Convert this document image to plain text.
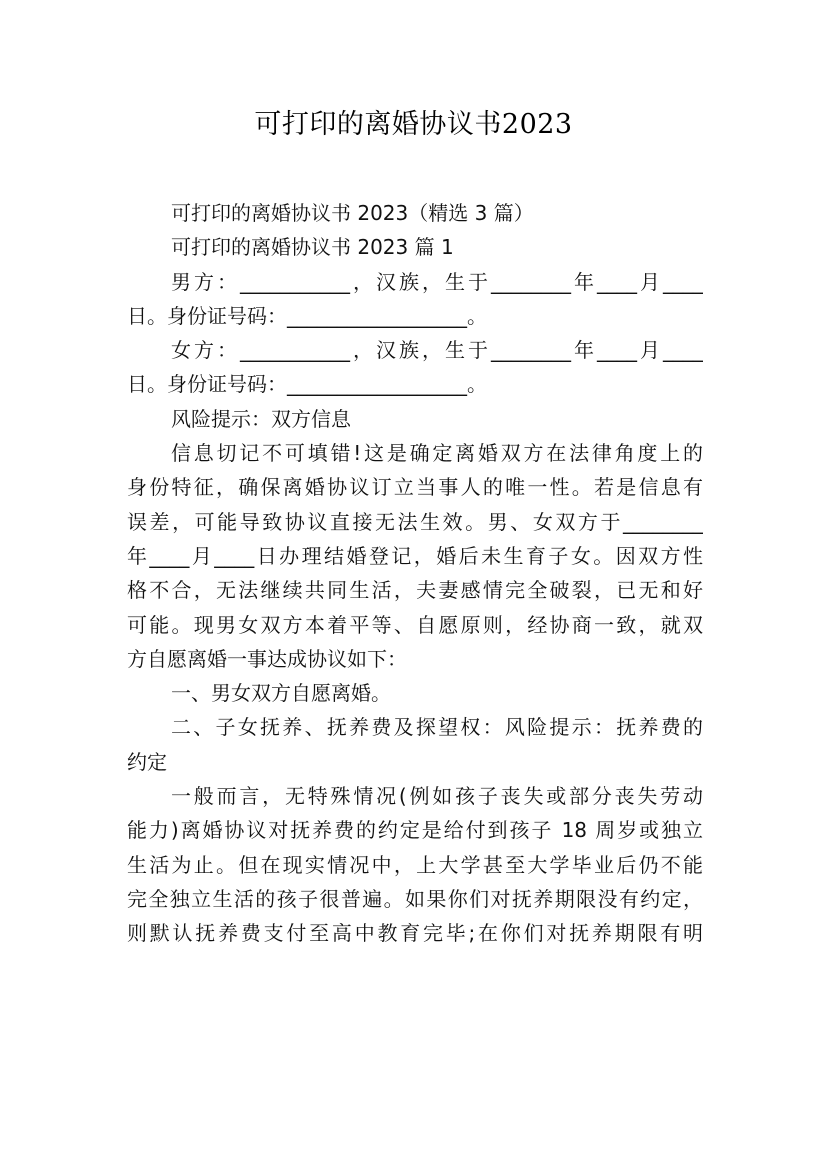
可打印的离婚协议书2023
可打印的离婚协议书 2023（精选 3 篇）
可打印的离婚协议书 2023 篇 1
男方：___________，汉族，生于________年____月____
日。身份证号码：__________________。
女方：___________，汉族，生于________年____月____
日。身份证号码：__________________。
风险提示：双方信息
信息切记不可填错!这是确定离婚双方在法律角度上的
身份特征，确保离婚协议订立当事人的唯一性。若是信息有
误差，可能导致协议直接无法生效。男、女双方于________
年____月____日办理结婚登记，婚后未生育子女。因双方性
格不合，无法继续共同生活，夫妻感情完全破裂，已无和好
可能。现男女双方本着平等、自愿原则，经协商一致，就双
方自愿离婚一事达成协议如下：
一、男女双方自愿离婚。
二、子女抚养、抚养费及探望权：风险提示：抚养费的
约定
一般而言，无特殊情况(例如孩子丧失或部分丧失劳动
能力)离婚协议对抚养费的约定是给付到孩子 18 周岁或独立
生活为止。但在现实情况中，上大学甚至大学毕业后仍不能
完全独立生活的孩子很普遍。如果你们对抚养期限没有约定，
则默认抚养费支付至高中教育完毕;在你们对抚养期限有明
